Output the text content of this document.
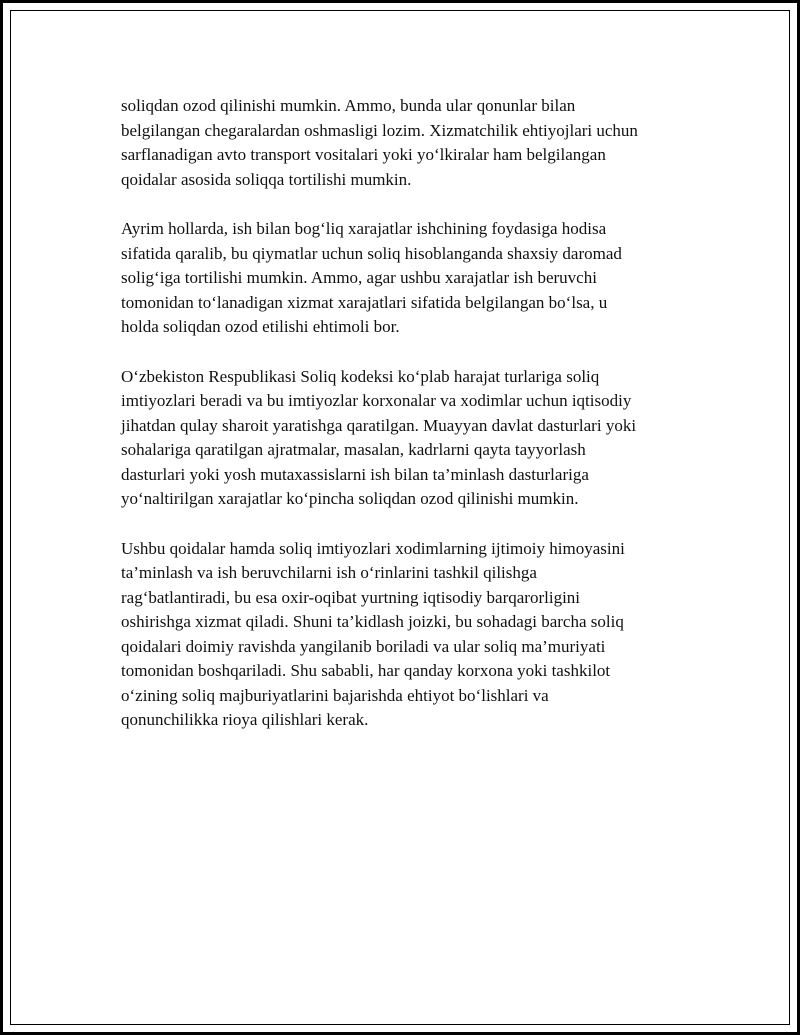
soliqdan ozod qilinishi mumkin. Ammo, bunda ular qonunlar bilan
belgilangan chegaralardan oshmasligi lozim. Xizmatchilik ehtiyojlari uchun
sarflanadigan avto transport vositalari yoki yo‘lkiralar ham belgilangan
qoidalar asosida soliqqa tortilishi mumkin.

Ayrim hollarda, ish bilan bog‘liq xarajatlar ishchining foydasiga hodisa
sifatida qaralib, bu qiymatlar uchun soliq hisoblanganda shaxsiy daromad
solig‘iga tortilishi mumkin. Ammo, agar ushbu xarajatlar ish beruvchi
tomonidan to‘lanadigan xizmat xarajatlari sifatida belgilangan bo‘lsa, u
holda soliqdan ozod etilishi ehtimoli bor.

O‘zbekiston Respublikasi Soliq kodeksi ko‘plab harajat turlariga soliq
imtiyozlari beradi va bu imtiyozlar korxonalar va xodimlar uchun iqtisodiy
jihatdan qulay sharoit yaratishga qaratilgan. Muayyan davlat dasturlari yoki
sohalariga qaratilgan ajratmalar, masalan, kadrlarni qayta tayyorlash
dasturlari yoki yosh mutaxassislarni ish bilan ta’minlash dasturlariga
yo‘naltirilgan xarajatlar ko‘pincha soliqdan ozod qilinishi mumkin.

Ushbu qoidalar hamda soliq imtiyozlari xodimlarning ijtimoiy himoyasini
ta’minlash va ish beruvchilarni ish o‘rinlarini tashkil qilishga
rag‘batlantiradi, bu esa oxir-oqibat yurtning iqtisodiy barqarorligini
oshirishga xizmat qiladi. Shuni ta’kidlash joizki, bu sohadagi barcha soliq
qoidalari doimiy ravishda yangilanib boriladi va ular soliq ma’muriyati
tomonidan boshqariladi. Shu sababli, har qanday korxona yoki tashkilot
o‘zining soliq majburiyatlarini bajarishda ehtiyot bo‘lishlari va
qonunchilikka rioya qilishlari kerak.
